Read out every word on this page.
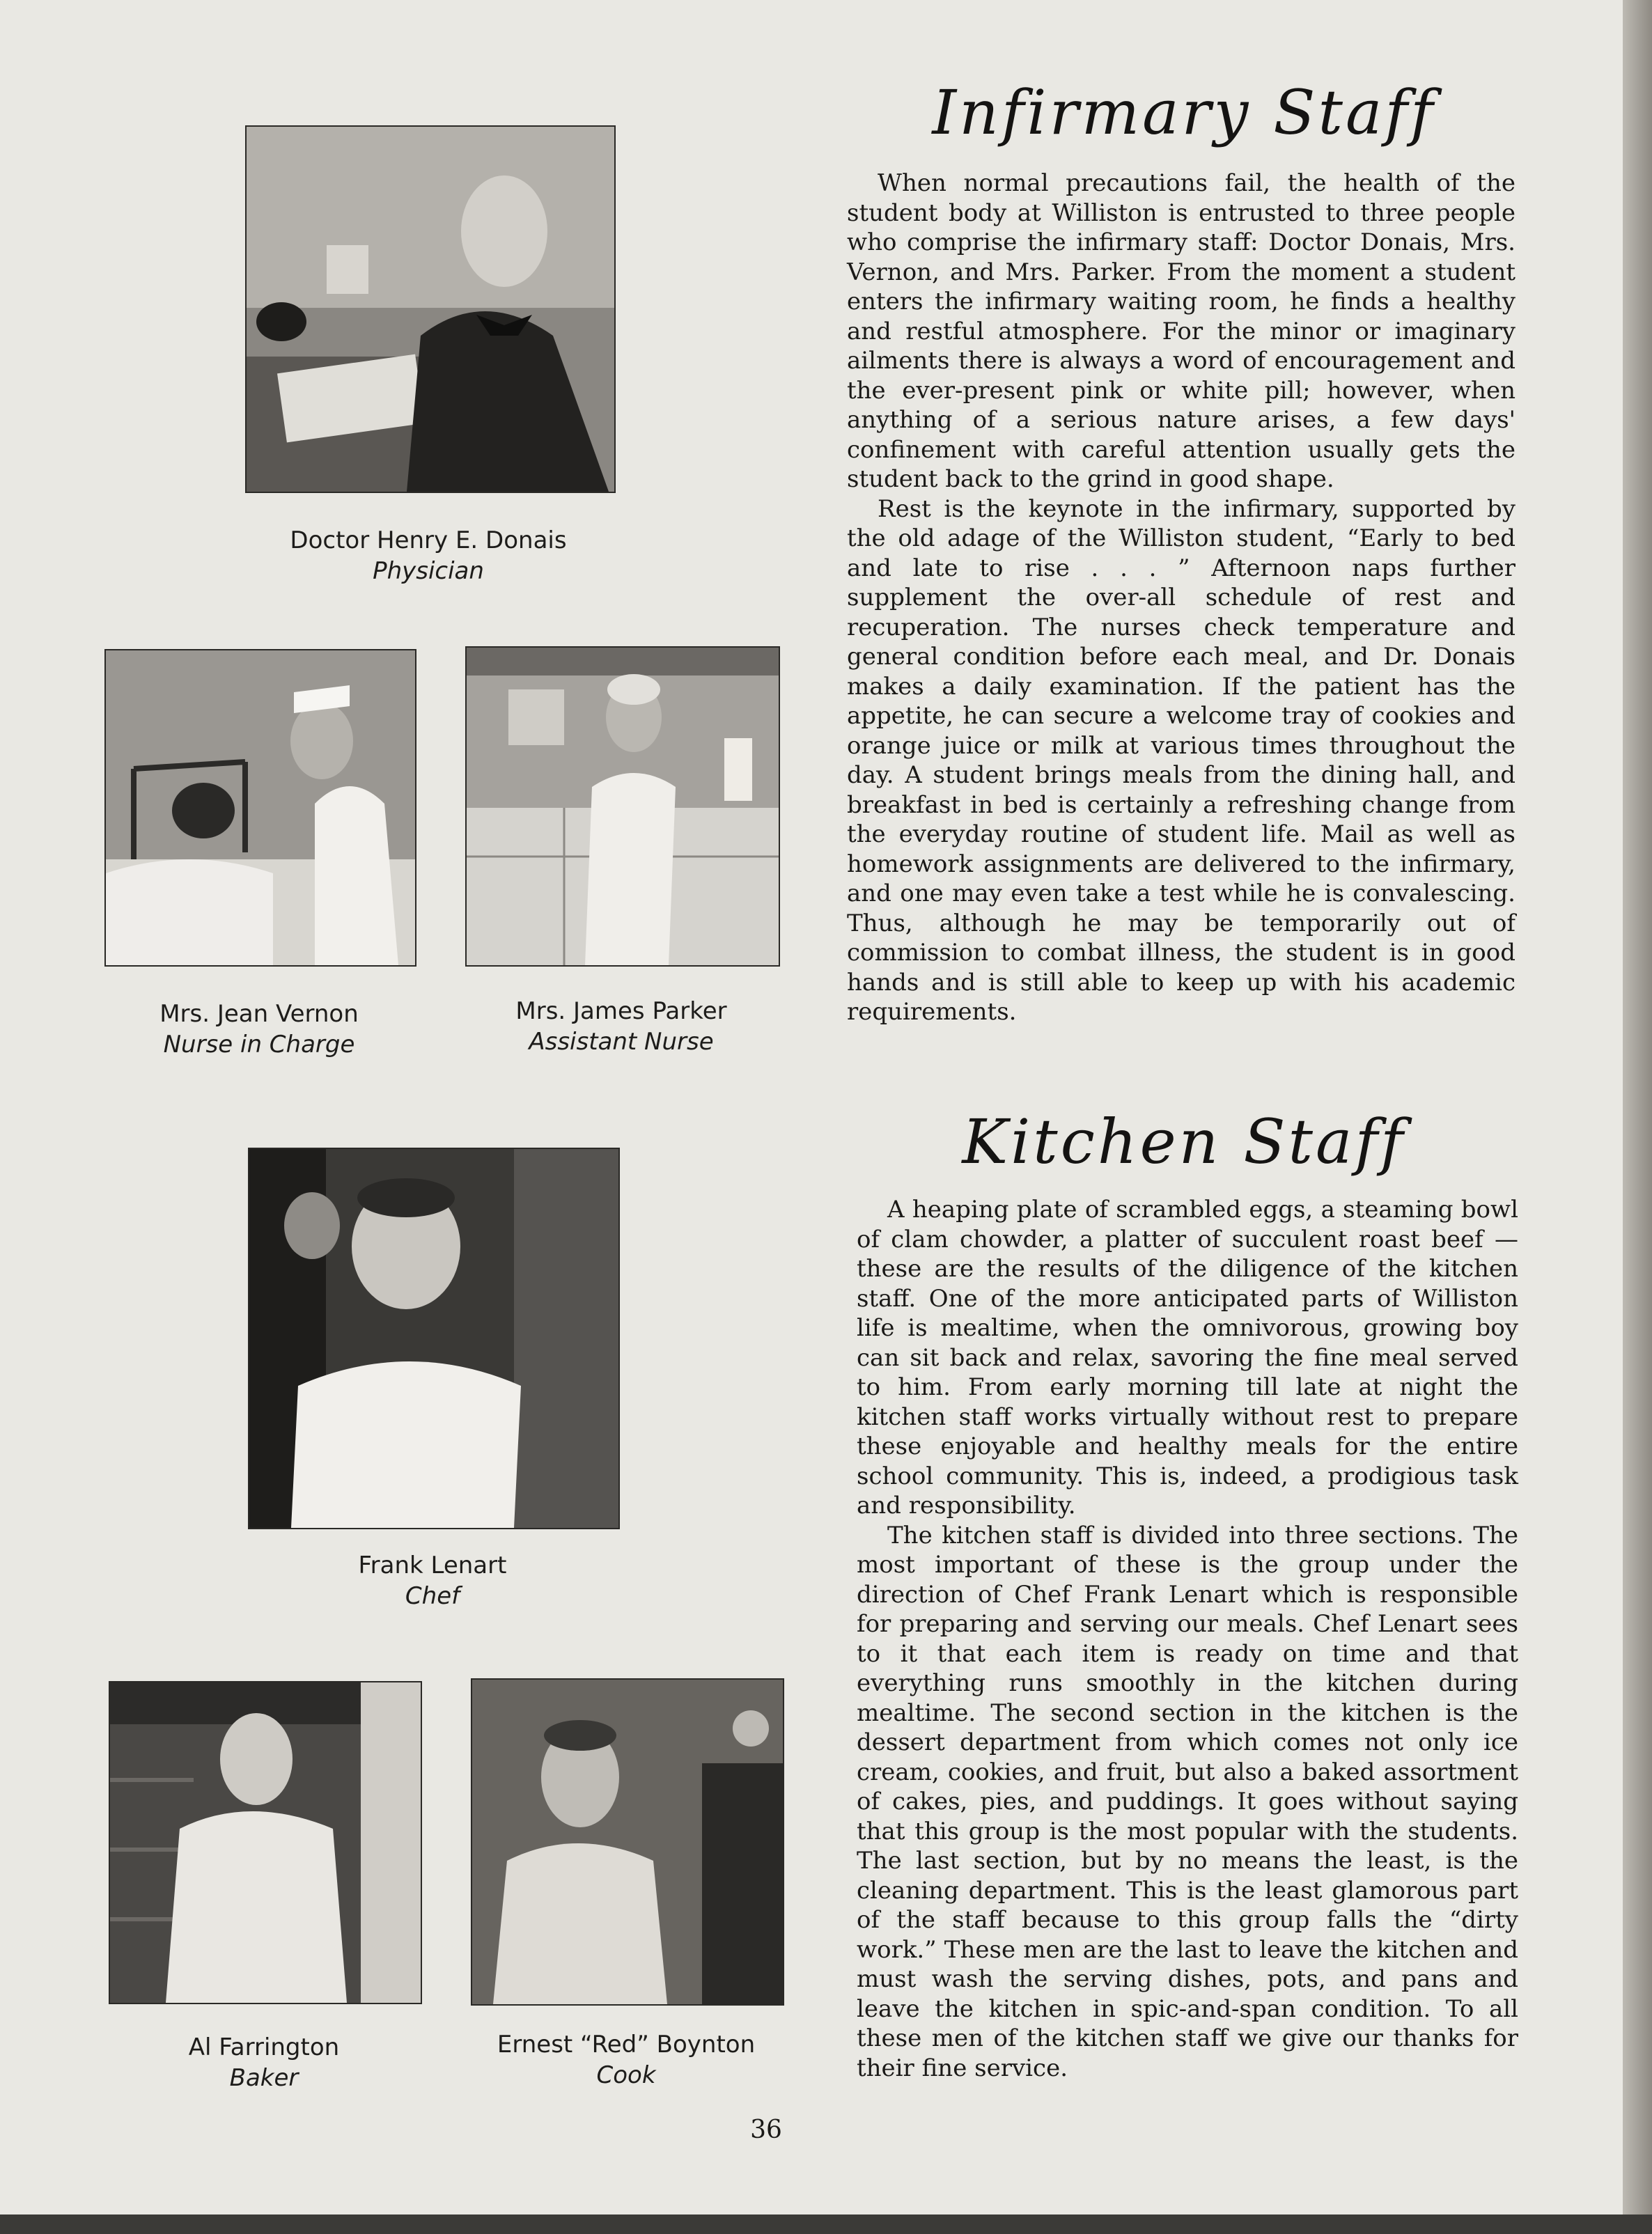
Doctor Henry E. Donais
Physician
Mrs. Jean Vernon
Nurse in Charge
Mrs. James Parker
Assistant Nurse
Frank Lenart
Chef
Al Farrington
Baker
Ernest “Red” Boynton
Cook
Infirmary Staff

When normal precautions fail, the health of the student body at Williston is entrusted to three people who comprise the infirmary staff: Doctor Donais, Mrs. Vernon, and Mrs. Parker. From the moment a student enters the infirmary waiting room, he finds a healthy and restful atmosphere. For the minor or imaginary ailments there is always a word of encouragement and the ever-present pink or white pill; however, when anything of a serious nature arises, a few days' confinement with careful attention usually gets the student back to the grind in good shape.

Rest is the keynote in the infirmary, supported by the old adage of the Williston student, “Early to bed and late to rise . . . ” Afternoon naps further supplement the over-all schedule of rest and recuperation. The nurses check temperature and general condition before each meal, and Dr. Donais makes a daily examination. If the patient has the appetite, he can secure a welcome tray of cookies and orange juice or milk at various times throughout the day. A student brings meals from the dining hall, and breakfast in bed is certainly a refreshing change from the everyday routine of student life. Mail as well as homework assignments are delivered to the infirmary, and one may even take a test while he is convalescing. Thus, although he may be temporarily out of commission to combat illness, the student is in good hands and is still able to keep up with his academic requirements.

Kitchen Staff

A heaping plate of scrambled eggs, a steaming bowl of clam chowder, a platter of succulent roast beef — these are the results of the diligence of the kitchen staff. One of the more anticipated parts of Williston life is mealtime, when the omnivorous, growing boy can sit back and relax, savoring the fine meal served to him. From early morning till late at night the kitchen staff works virtually without rest to prepare these enjoyable and healthy meals for the entire school community. This is, indeed, a prodigious task and responsibility.

The kitchen staff is divided into three sections. The most important of these is the group under the direction of Chef Frank Lenart which is responsible for preparing and serving our meals. Chef Lenart sees to it that each item is ready on time and that everything runs smoothly in the kitchen during mealtime. The second section in the kitchen is the dessert department from which comes not only ice cream, cookies, and fruit, but also a baked assortment of cakes, pies, and puddings. It goes without saying that this group is the most popular with the students. The last section, but by no means the least, is the cleaning department. This is the least glamorous part of the staff because to this group falls the “dirty work.” These men are the last to leave the kitchen and must wash the serving dishes, pots, and pans and leave the kitchen in spic-and-span condition. To all these men of the kitchen staff we give our thanks for their fine service.

36
